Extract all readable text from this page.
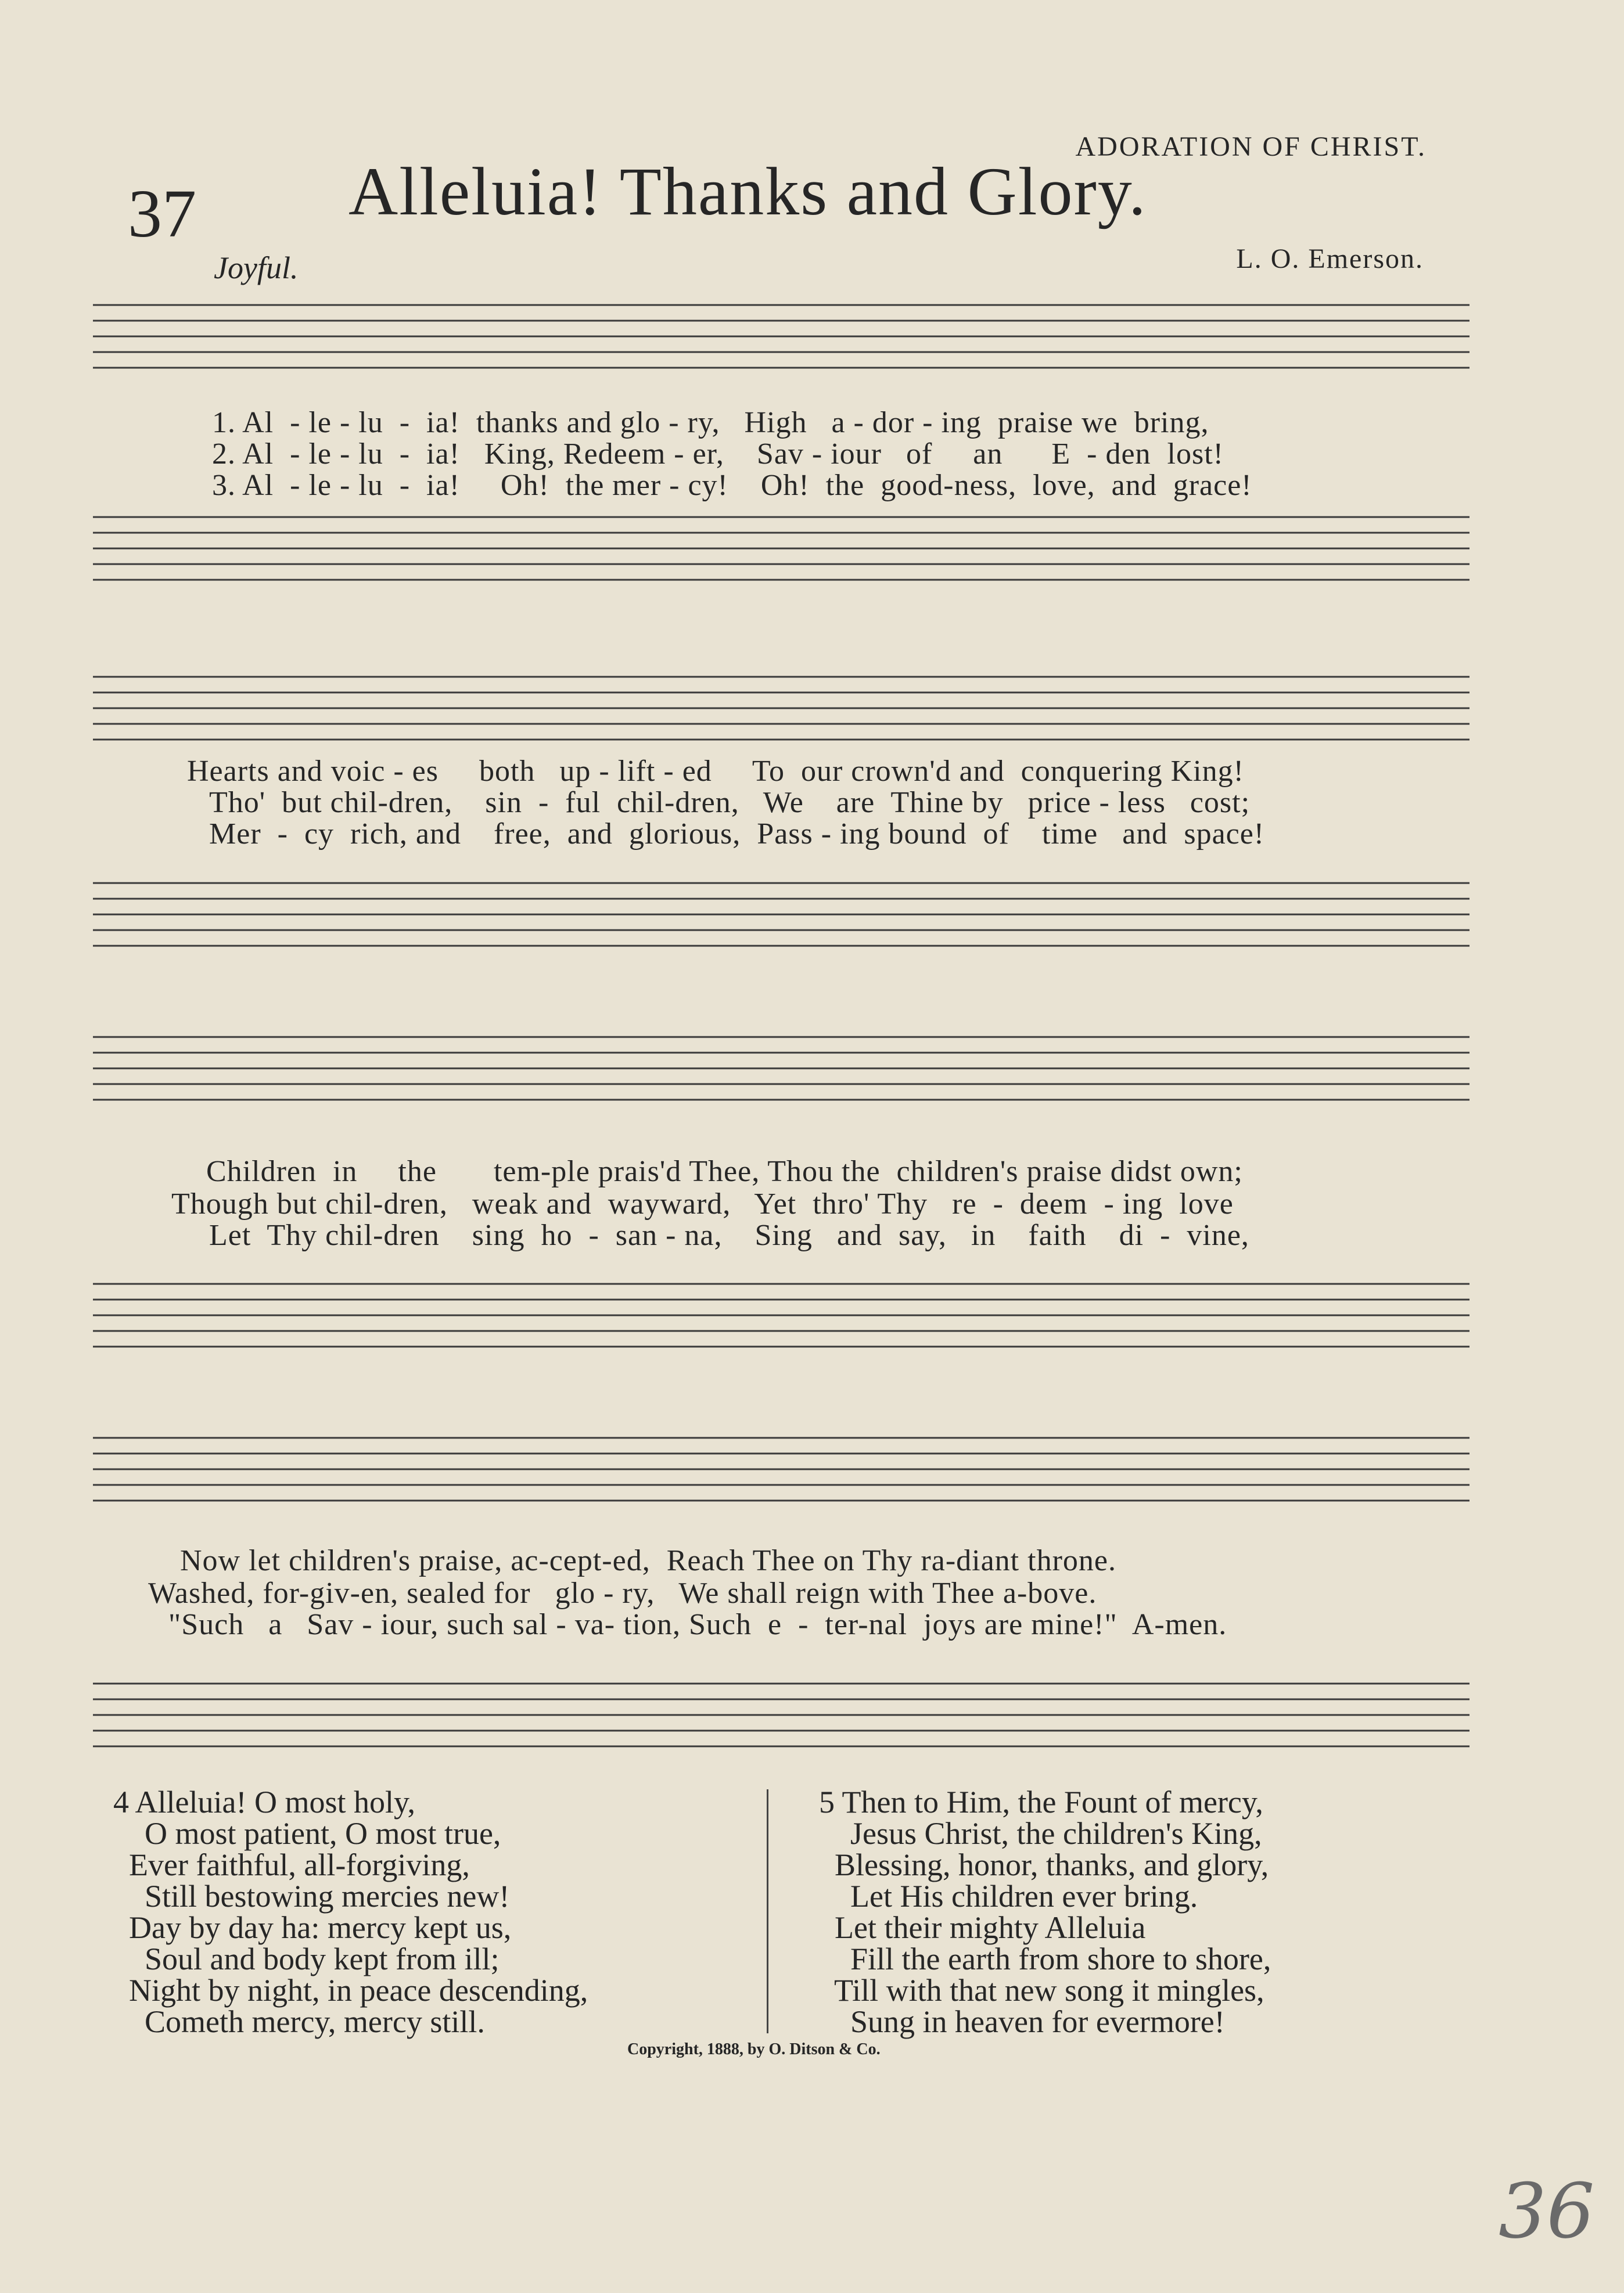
ADORATION OF CHRIST.
37 Alleluia! Thanks and Glory.
Joyful.	L. O. Emerson.
1. Al  - le - lu  -  ia!  thanks and glo - ry,   High   a - dor - ing  praise we  bring,
2. Al  - le - lu  -  ia!   King, Redeem - er,    Sav - iour   of     an      E  - den  lost!
3. Al  - le - lu  -  ia!     Oh!  the mer - cy!    Oh!  the  good-ness,  love,  and  grace!
Hearts and voic - es     both   up - lift - ed     To  our crown'd and  conquering King!
Tho'  but chil-dren,    sin  -  ful  chil-dren,   We    are  Thine by   price - less   cost;
Mer  -  cy  rich, and    free,  and  glorious,  Pass - ing bound  of    time   and  space!
Children  in     the       tem-ple prais'd Thee, Thou the  children's praise didst own;
Though but chil-dren,   weak and  wayward,   Yet  thro' Thy   re  -  deem  - ing  love
Let  Thy chil-dren    sing  ho  -  san - na,    Sing   and  say,   in    faith    di  -  vine,
Now let children's praise, ac-cept-ed,  Reach Thee on Thy ra-diant throne.
Washed, for-giv-en, sealed for   glo - ry,   We shall reign with Thee a-bove.
"Such   a   Sav - iour, such sal - va- tion, Such  e  -  ter-nal  joys are mine!"  A-men.
4 Alleluia! O most holy,
O most patient, O most true,
Ever faithful, all-forgiving,
Still bestowing mercies new!
Day by day ha: mercy kept us,
Soul and body kept from ill;
Night by night, in peace descending,
Cometh mercy, mercy still.
5 Then to Him, the Fount of mercy,
Jesus Christ, the children's King,
Blessing, honor, thanks, and glory,
Let His children ever bring.
Let their mighty Alleluia
Fill the earth from shore to shore,
Till with that new song it mingles,
Sung in heaven for evermore!
Copyright, 1888, by O. Ditson & Co.
36
